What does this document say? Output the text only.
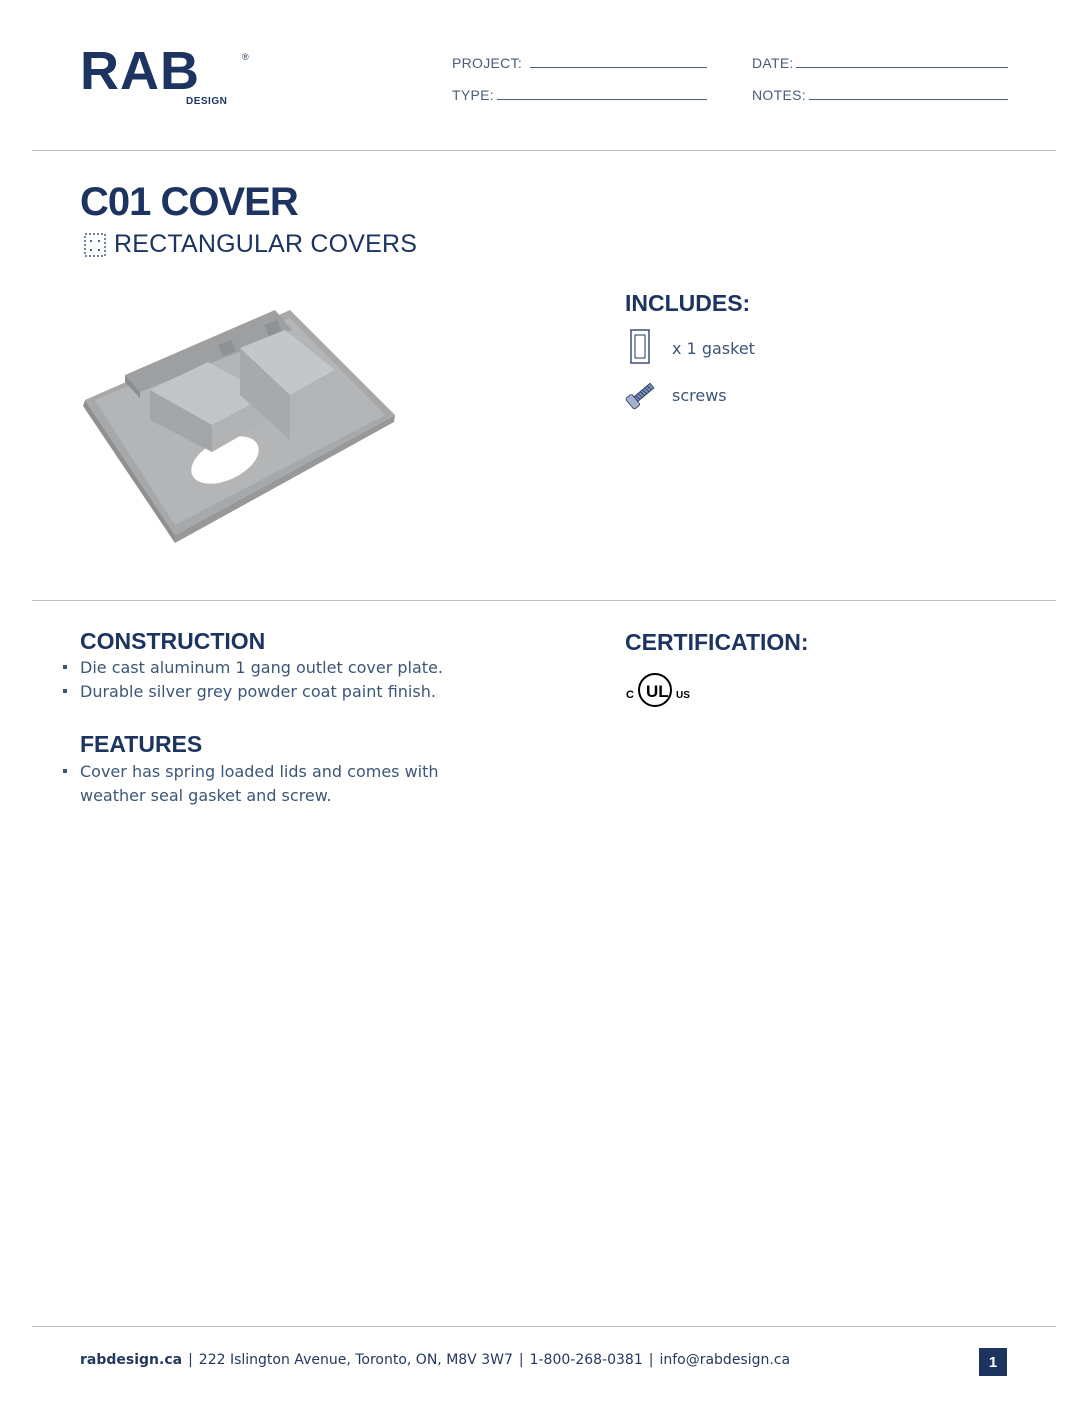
RAB	®
DESIGN
PROJECT:	DATE:
TYPE:	NOTES:
C01 COVER
RECTANGULAR COVERS
INCLUDES:
x 1 gasket
screws
CONSTRUCTION
Die cast aluminum 1 gang outlet cover plate.
Durable silver grey powder coat paint finish.
FEATURES
Cover has spring loaded lids and comes with weather seal gasket and screw.
CERTIFICATION:
C UL US
rabdesign.ca | 222 Islington Avenue, Toronto, ON, M8V 3W7 | 1-800-268-0381 | info@rabdesign.ca	1
